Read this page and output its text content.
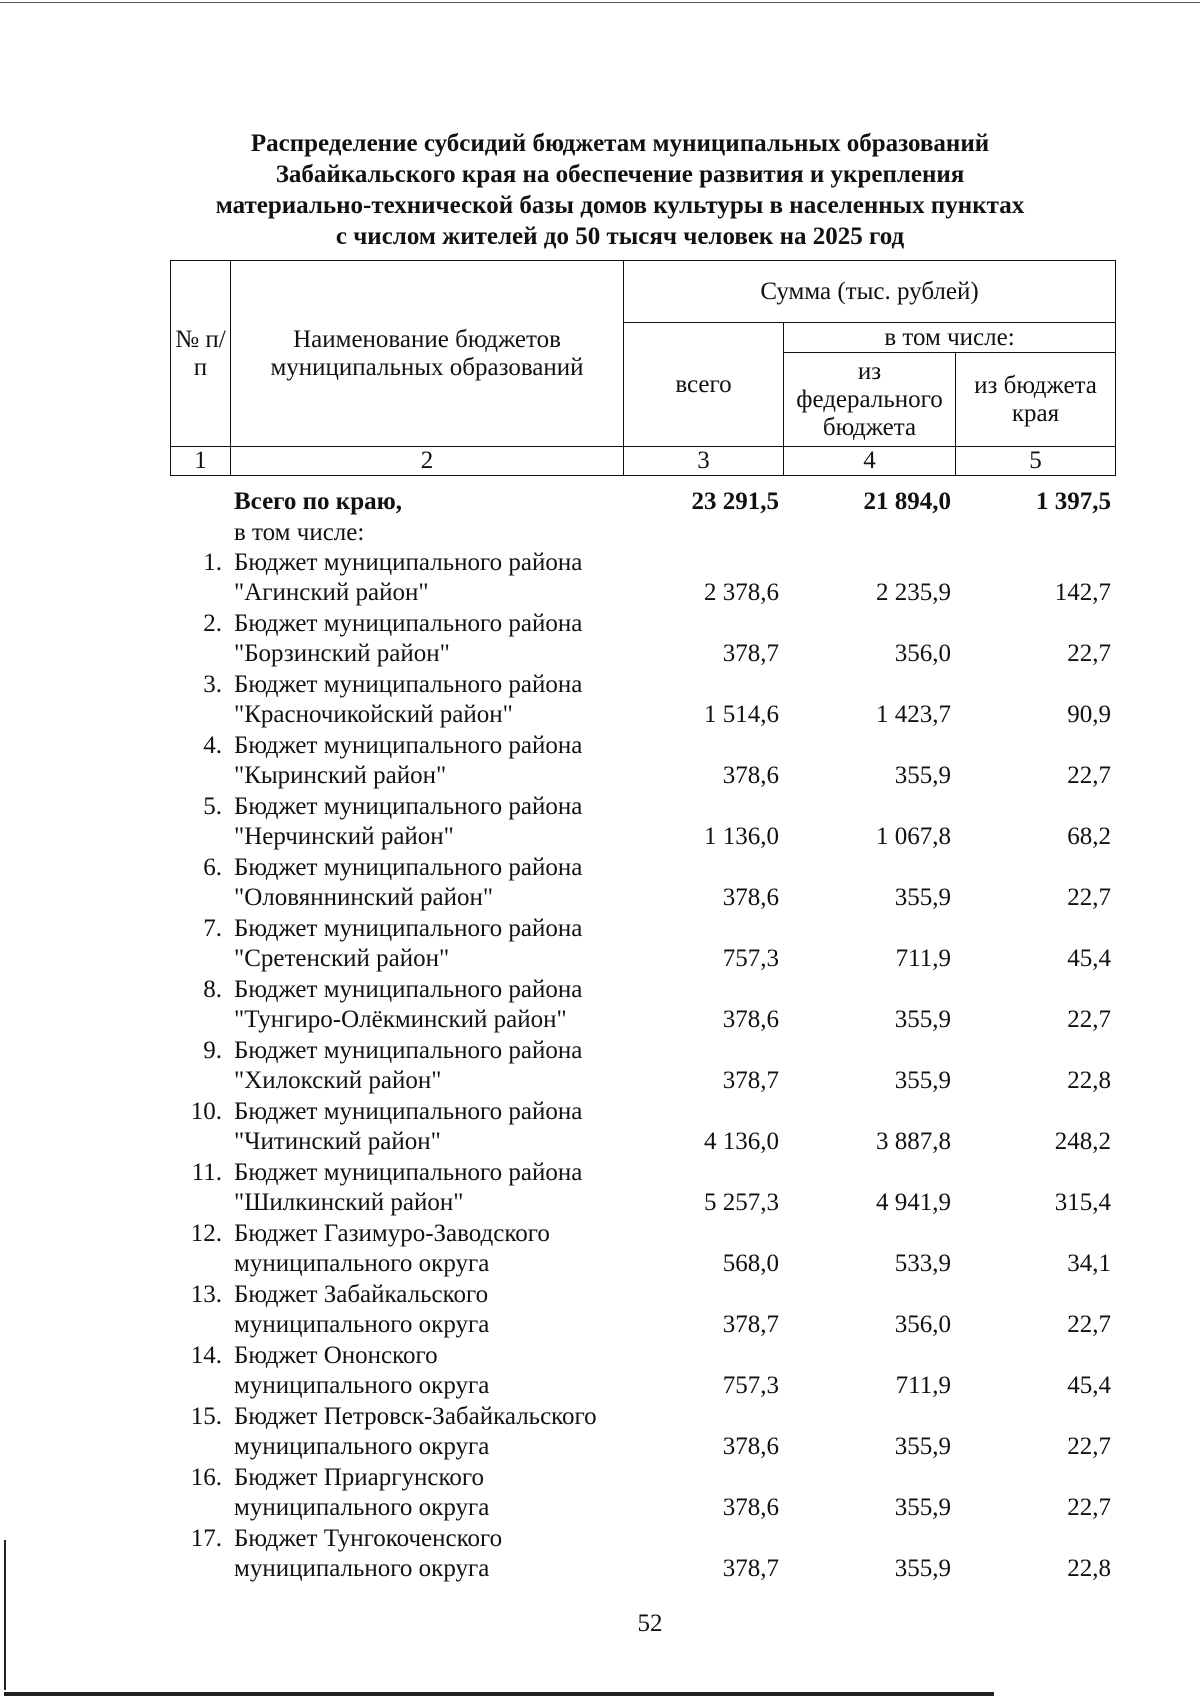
Распределение субсидий бюджетам муниципальных образований
Забайкальского края на обеспечение развития и укрепления
материально-технической базы домов культуры в населенных пунктах
с числом жителей до 50 тысяч человек на 2025 год
№ п/п	Наименование бюджетов муниципальных образований	Сумма (тыс. рублей)		
		всего	в том числе:	
			из федерального бюджета	из бюджета края
1	2	3	4	5
	Всего по краю,	23 291,5	21 894,0	1 397,5
	в том числе:			
1.	Бюджет муниципального района
"Агинский район"	2 378,6	2 235,9	142,7
2.	Бюджет муниципального района
"Борзинский район"	378,7	356,0	22,7
3.	Бюджет муниципального района
"Красночикойский район"	1 514,6	1 423,7	90,9
4.	Бюджет муниципального района
"Кыринский район"	378,6	355,9	22,7
5.	Бюджет муниципального района
"Нерчинский район"	1 136,0	1 067,8	68,2
6.	Бюджет муниципального района
"Оловяннинский район"	378,6	355,9	22,7
7.	Бюджет муниципального района
"Сретенский район"	757,3	711,9	45,4
8.	Бюджет муниципального района
"Тунгиро-Олёкминский район"	378,6	355,9	22,7
9.	Бюджет муниципального района
"Хилокский район"	378,7	355,9	22,8
10.	Бюджет муниципального района
"Читинский район"	4 136,0	3 887,8	248,2
11.	Бюджет муниципального района
"Шилкинский район"	5 257,3	4 941,9	315,4
12.	Бюджет Газимуро-Заводского
муниципального округа	568,0	533,9	34,1
13.	Бюджет Забайкальского
муниципального округа	378,7	356,0	22,7
14.	Бюджет Ононского
муниципального округа	757,3	711,9	45,4
15.	Бюджет Петровск-Забайкальского
муниципального округа	378,6	355,9	22,7
16.	Бюджет Приаргунского
муниципального округа	378,6	355,9	22,7
17.	Бюджет Тунгокоченского
муниципального округа	378,7	355,9	22,8
52
